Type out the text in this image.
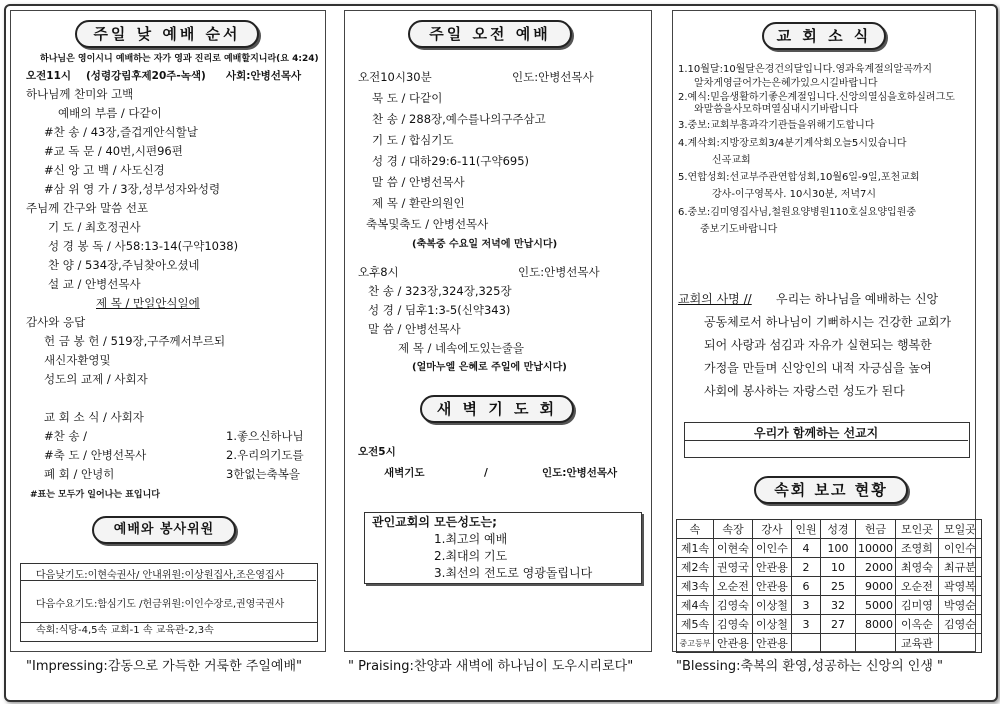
주일 낮 예배 순서
하나님은 영이시니 예배하는 자가 영과 진리로 예배할지니라(요 4:24)
오전11시 (성령강림후제20주-녹색) 사회:안병선목사
하나님께 찬미와 고백
예배의 부름 / 다같이
#찬 송 / 43장,즐겁게안식할날
#교 독 문 / 40번,시편96편
#신 앙 고 백 / 사도신경
#삼 위 영 가 / 3장,성부성자와성령
주님께 간구와 말씀 선포
기 도 / 최호정권사
성 경 봉 독 / 사58:13-14(구약1038)
찬 양 / 534장,주님찾아오셨네
설 교 / 안병선목사
제 목 / 만일안식일에
감사와 응답
헌 금 봉 헌 / 519장,구주께서부르되
새신자환영및
성도의 교제 / 사회자
교 회 소 식 / 사회자
#찬 송 /	1.좋으신하나님
#축 도 / 안병선목사	2.우리의기도를
폐 회 / 안녕히	3한없는축복을
#표는 모두가 일어나는 표입니다
예배와 봉사위원
다음낮기도:이현숙권사/ 안내위원:이상원집사,조은영집사
다음수요기도:함심기도 /헌금위원:이인수장로,권영국권사
속회:식당-4,5속 교회-1 속 교육관-2,3속
"Impressing:감동으로 가득한 거룩한 주일예배"
주일 오전 예배
오전10시30분	인도:안병선목사
묵 도 / 다같이
찬 송 / 288장,예수를나의구주삼고
기 도 / 합심기도
성 경 / 대하29:6-11(구약695)
말 씀 / 안병선목사
제 목 / 환란의원인
축복및축도 / 안병선목사
(축복중 수요일 저녁에 만납시다)
오후8시	인도:안병선목사
찬 송 / 323장,324장,325장
성 경 / 딤후1:3-5(신약343)
말 씀 / 안병선목사
제 목 / 네속에도있는줄을
(얼마누엘 은혜로 주일에 만납시다)
새 벽 기 도 회
오전5시
새벽기도	/	인도:안병선목사
관인교회의 모든성도는;
1.최고의 예배
2.최대의 기도
3.최선의 전도로 영광돌립니다
" Praising:찬양과 새벽에 하나님이 도우시리로다"
교 회 소 식
1.10월달:10월달은경건의달입니다.영과육계절의알곡까지
알차게영글어가는은혜가있으시길바랍니다
2.예식:믿음생활하기좋은계절입니다.신앙의열심을호하실려그도
와말씀을사모하며열심내시기바랍니다
3.중보:교회부흥과각기관들을위해기도합니다
4.계삭회:지방장로회3/4분기계삭회오늘5시있습니다
신곡교회
5.연합성회:선교부주관연합성회,10월6일-9일,포천교회
강사-이구영목사. 10시30분, 저녁7시
6.중보:김미영집사님,철원요양병원110호실요양입원중
중보기도바랍니다
교회의 사명 // 우리는 하나님을 예배하는 신앙
공동체로서 하나님이 기뻐하시는 건강한 교회가
되어 사랑과 섬김과 자유가 실현되는 행복한
가정을 만들며 신앙인의 내적 자긍심을 높여
사회에 봉사하는 자랑스런 성도가 된다
우리가 함께하는 선교지
속회 보고 현황
속	속장	강사	인원	성경	헌금	모인곳	모일곳
제1속	이현숙	이인수	4	100	10000	조영희	이인수
제2속	권영국	안관용	2	10	2000	최영숙	최규분
제3속	오순전	안관용	6	25	9000	오순전	곽영복
제4속	김영숙	이상철	3	32	5000	김미영	박영순
제5속	김영숙	이상철	3	27	8000	이옥순	김영순
중고등부	안관용	안관용				교육관	
"Blessing:축복의 환영,성공하는 신앙의 인생 "
